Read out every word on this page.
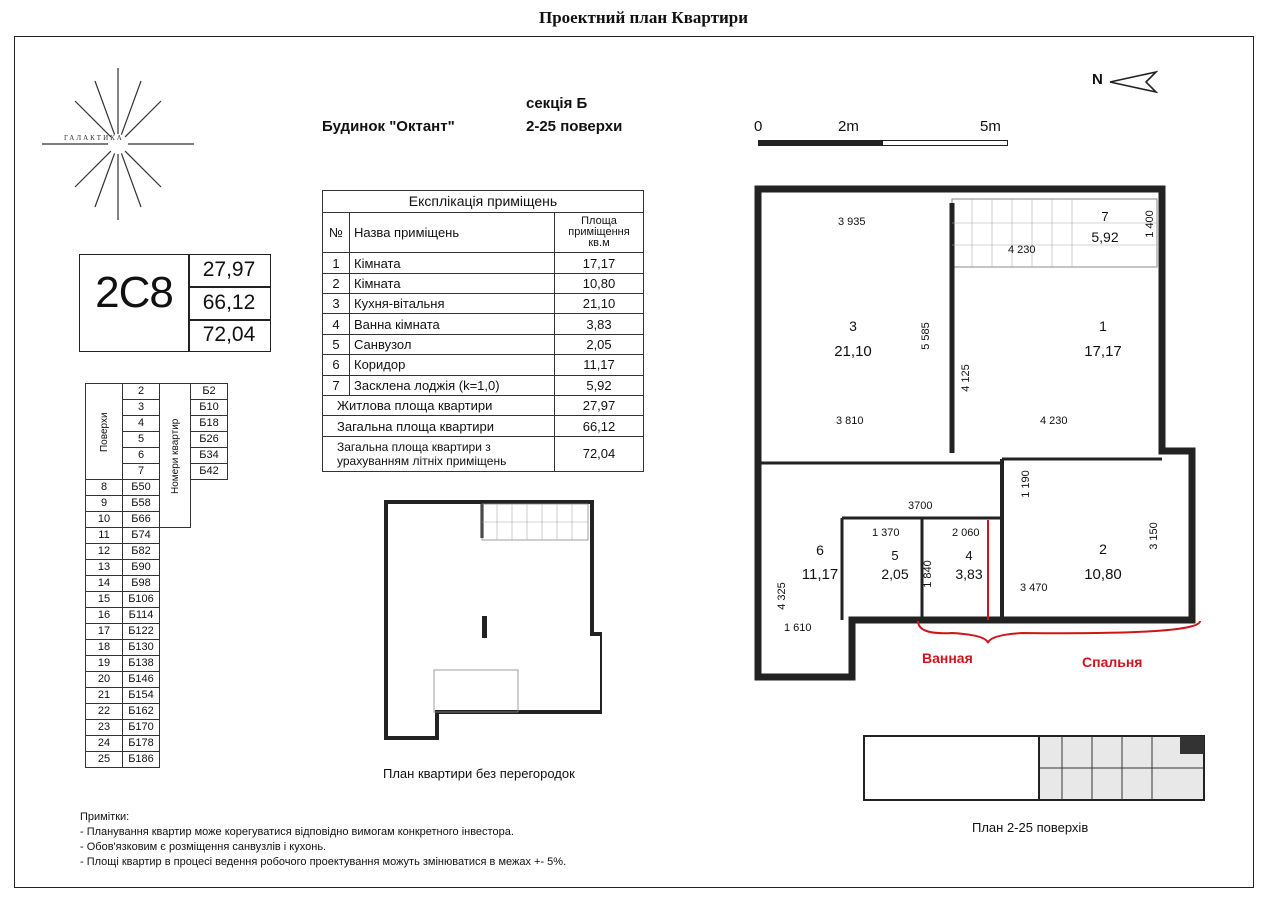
Проектний план Квартири
ГАЛАКТИКА
Будинок "Октант"
секція Б
2-25 поверхи	0	2m	5m
N
2С8	27,97
66,12
72,04
Експлікація приміщень		
№	Назва приміщень	Площа приміщення кв.м
1	Кімната	17,17
2	Кімната	10,80
3	Кухня-вітальня	21,10
4	Ванна кімната	3,83
5	Санвузол	2,05
6	Коридор	11,17
7	Засклена лоджія (k=1,0)	5,92
Житлова площа квартири		27,97
Загальна площа квартири		66,12
Загальна площа квартири з урахуванням літніх приміщень		72,04
Поверхи	2	Номери квартир	Б2
	3		Б10
	4		Б18
	5		Б26
	6		Б34
	7		Б42
8	Б50		
9	Б58		
10	Б66		
11	Б74		
12	Б82		
13	Б90		
14	Б98		
15	Б106		
16	Б114		
17	Б122		
18	Б130		
19	Б138		
20	Б146		
21	Б154		
22	Б162		
23	Б170		
24	Б178		
25	Б186		
3
21,10
1
17,17
7
5,92
2
10,80
6
11,17
5
2,05
4
3,83
3 935
4 230
1 400
5 585
4 125
3 810	4 230
1 190
3700
1 370	2 060
1 840
3 150
4 325	3 470
1 610
Ванная	Спальня
План квартири без перегородок
План 2-25 поверхів
Примітки:
- Планування квартир може корегуватися відповідно вимогам конкретного інвестора.
- Обов'язковим є розміщення санвузлів і кухонь.
- Площі квартир в процесі ведення робочого проектування можуть змінюватися в межах +- 5%.
